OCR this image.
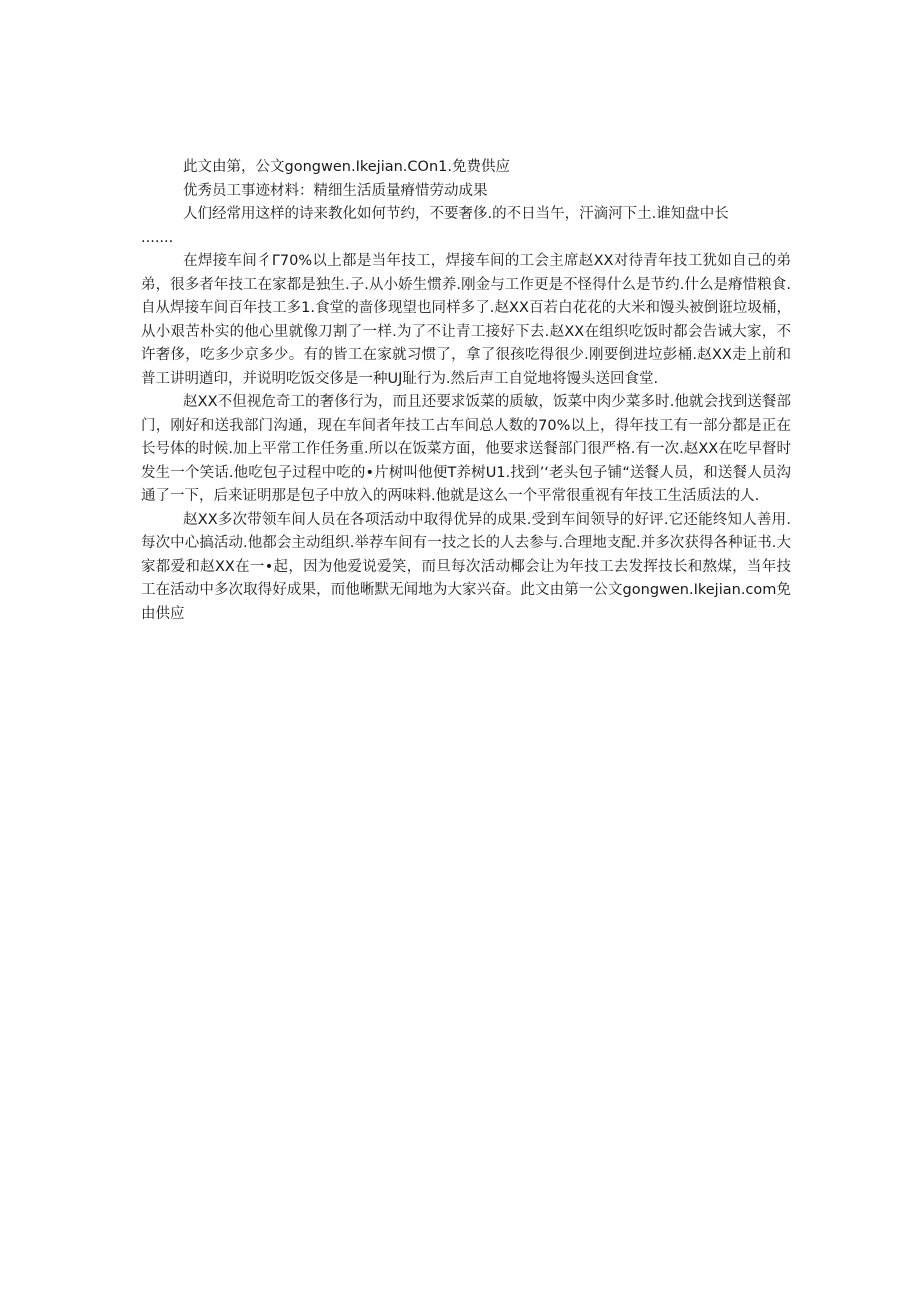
此文由第，公文gongwen.Ikejian.COn1.免费供应

优秀员工事迹材料：精细生活质量瘠惜劳动成果

人们经常用这样的诗来教化如何节约，不要奢侈.的不日当午，汗滴河下土.谁知盘中长

.......

在焊接车间彳Γ70%以上都是当年技工，焊接车间的工会主席赵XX对待青年技工犹如自己的弟弟，很多者年技工在家都是独生.子.从小娇生惯养.刚金与工作更是不怪得什么是节约.什么是瘠惜粮食.自从焊接车间百年技工多1.食堂的啬侈现望也同样多了.赵XX百若白花花的大米和馒头被倒诳垃圾桶，从小艰苦朴实的他心里就像刀割了一样.为了不让青工接好下去.赵XX在组织吃饭时都会告诫大家，不许奢侈，吃多少京多少。有的皆工在家就习惯了，拿了很孩吃得很少.刚要倒进垃彭桶.赵XX走上前和普工讲明遒印，并说明吃饭交侈是一种UJ耻行为.然后声工自觉地将馒头送回食堂.

赵XX不但视危奇工的奢侈行为，而且还要求饭菜的质敏，饭菜中肉少菜多时.他就会找到送餐部门，刚好和送我部门沟通，现在车间者年技工占车间总人数的70%以上，得年技工有一部分都是正在长号体的时候.加上平常工作任务重.所以在饭菜方面，他要求送餐部门很严格.有一次.赵XX在吃早督时发生一个笑话.他吃包子过程中吃的•片树叫他便T养树U1.找到’‘老头包子铺“送餐人员，和送餐人员沟通了一下，后来证明那是包子中放入的两味料.他就是这么一个平常很重视有年技工生活质法的人.

赵XX多次带领车间人员在各项活动中取得优异的成果.受到车间领导的好评.它还能终知人善用.每次中心搞活动.他都会主动组织.举荐车间有一技之长的人去参与.合理地支配.并多次获得各种证书.大家都爱和赵XX在一•起，因为他爱说爱笑，而旦每次活动椰会让为年技工去发挥技长和熬煤，当年技工在活动中多次取得好成果，而他晰默无闻地为大家兴奋。此文由第一公文gongwen.Ikejian.com免由供应
